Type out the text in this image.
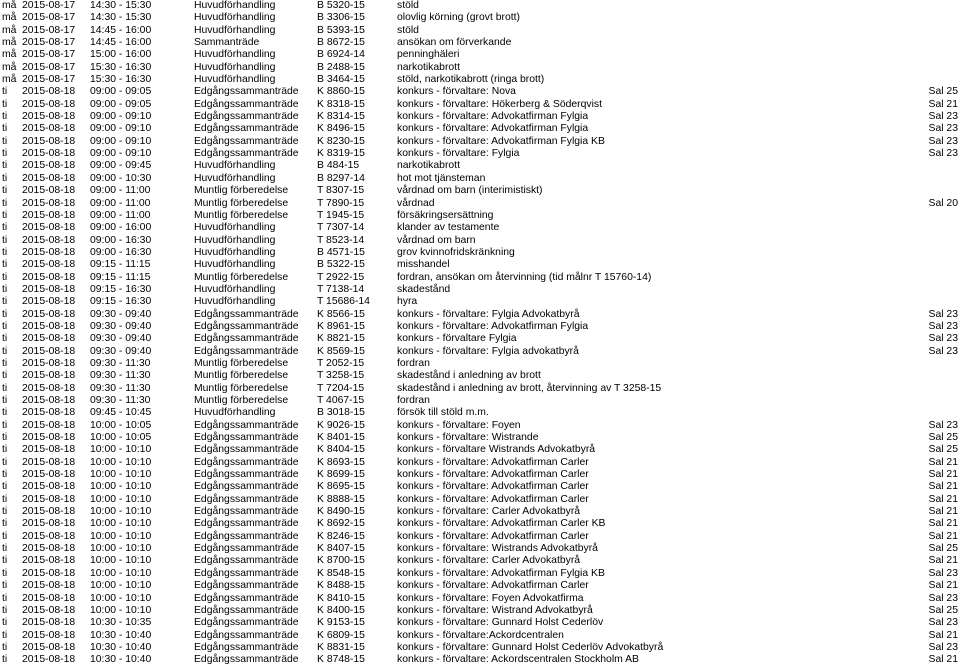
må 2015-08-17 14:30 - 15:30	Huvudförhandling	B 5320-15	stöld
må 2015-08-17 14:30 - 15:30	Huvudförhandling	B 3306-15	olovlig körning (grovt brott)
må 2015-08-17 14:45 - 16:00	Huvudförhandling	B 5393-15	stöld
må 2015-08-17 14:45 - 16:00	Sammanträde	B 8672-15	ansökan om förverkande
må 2015-08-17 15:00 - 16:00	Huvudförhandling	B 6924-14	penninghäleri
må 2015-08-17 15:30 - 16:30	Huvudförhandling	B 2488-15	narkotikabrott
må 2015-08-17 15:30 - 16:30	Huvudförhandling	B 3464-15	stöld, narkotikabrott (ringa brott)
ti 2015-08-18 09:00 - 09:05	Edgångssammanträde K 8860-15	konkurs - förvaltare: Nova	Sal 25
ti 2015-08-18 09:00 - 09:05	Edgångssammanträde K 8318-15	konkurs - förvaltare: Hökerberg & Söderqvist	Sal 21
ti 2015-08-18 09:00 - 09:10	Edgångssammanträde K 8314-15	konkurs - förvaltare: Advokatfirman Fylgia	Sal 23
ti 2015-08-18 09:00 - 09:10	Edgångssammanträde K 8496-15	konkurs - förvaltare: Advokatfirman Fylgia	Sal 23
ti 2015-08-18 09:00 - 09:10	Edgångssammanträde K 8230-15	konkurs - förvaltare: Advokatfirman Fylgia KB	Sal 23
ti 2015-08-18 09:00 - 09:10	Edgångssammanträde K 8319-15	konkurs - förvaltare: Fylgia	Sal 23
ti 2015-08-18 09:00 - 09:45	Huvudförhandling	B 484-15	narkotikabrott
ti 2015-08-18 09:00 - 10:30	Huvudförhandling	B 8297-14	hot mot tjänsteman
ti 2015-08-18 09:00 - 11:00	Muntlig förberedelse	T 8307-15	vårdnad om barn (interimistiskt)
ti 2015-08-18 09:00 - 11:00	Muntlig förberedelse	T 7890-15	vårdnad	Sal 20
ti 2015-08-18 09:00 - 11:00	Muntlig förberedelse	T 1945-15	försäkringsersättning
ti 2015-08-18 09:00 - 16:00	Huvudförhandling	T 7307-14	klander av testamente
ti 2015-08-18 09:00 - 16:30	Huvudförhandling	T 8523-14	vårdnad om barn
ti 2015-08-18 09:00 - 16:30	Huvudförhandling	B 4571-15	grov kvinnofridskränkning
ti 2015-08-18 09:15 - 11:15	Huvudförhandling	B 5322-15	misshandel
ti 2015-08-18 09:15 - 11:15	Muntlig förberedelse	T 2922-15	fordran, ansökan om återvinning (tid målnr T 15760-14)
ti 2015-08-18 09:15 - 16:30	Huvudförhandling	T 7138-14	skadestånd
ti 2015-08-18 09:15 - 16:30	Huvudförhandling	T 15686-14	hyra
ti 2015-08-18 09:30 - 09:40	Edgångssammanträde K 8566-15	konkurs - förvaltare: Fylgia Advokatbyrå	Sal 23
ti 2015-08-18 09:30 - 09:40	Edgångssammanträde K 8961-15	konkurs - förvaltare: Advokatfirman Fylgia	Sal 23
ti 2015-08-18 09:30 - 09:40	Edgångssammanträde K 8821-15	konkurs - förvaltare Fylgia	Sal 23
ti 2015-08-18 09:30 - 09:40	Edgångssammanträde K 8569-15	konkurs - förvaltare: Fylgia advokatbyrå	Sal 23
ti 2015-08-18 09:30 - 11:30	Muntlig förberedelse	T 2052-15	fordran
ti 2015-08-18 09:30 - 11:30	Muntlig förberedelse	T 3258-15	skadestånd i anledning av brott
ti 2015-08-18 09:30 - 11:30	Muntlig förberedelse	T 7204-15	skadestånd i anledning av brott, återvinning av T 3258-15
ti 2015-08-18 09:30 - 11:30	Muntlig förberedelse	T 4067-15	fordran
ti 2015-08-18 09:45 - 10:45	Huvudförhandling	B 3018-15	försök till stöld m.m.
ti 2015-08-18 10:00 - 10:05	Edgångssammanträde K 9026-15	konkurs - förvaltare: Foyen	Sal 23
ti 2015-08-18 10:00 - 10:05	Edgångssammanträde K 8401-15	konkurs - förvaltare: Wistrande	Sal 25
ti 2015-08-18 10:00 - 10:10	Edgångssammanträde K 8404-15	konkurs - förvaltare Wistrands Advokatbyrå	Sal 25
ti 2015-08-18 10:00 - 10:10	Edgångssammanträde K 8693-15	konkurs - förvaltare: Advokatfirman Carler	Sal 21
ti 2015-08-18 10:00 - 10:10	Edgångssammanträde K 8699-15	konkurs - förvaltare: Advokatfirman Carler	Sal 21
ti 2015-08-18 10:00 - 10:10	Edgångssammanträde K 8695-15	konkurs - förvaltare: Advokatfirman Carler	Sal 21
ti 2015-08-18 10:00 - 10:10	Edgångssammanträde K 8888-15	konkurs - förvaltare: Advokatfirman Carler	Sal 21
ti 2015-08-18 10:00 - 10:10	Edgångssammanträde K 8490-15	konkurs - förvaltare: Carler Advokatbyrå	Sal 21
ti 2015-08-18 10:00 - 10:10	Edgångssammanträde K 8692-15	konkurs - förvaltare: Advokatfirman Carler KB	Sal 21
ti 2015-08-18 10:00 - 10:10	Edgångssammanträde K 8246-15	konkurs - förvaltare: Advokatfirman Carler	Sal 21
ti 2015-08-18 10:00 - 10:10	Edgångssammanträde K 8407-15	konkurs - förvaltare: Wistrands Advokatbyrå	Sal 25
ti 2015-08-18 10:00 - 10:10	Edgångssammanträde K 8700-15	konkurs - förvaltare: Carler Advokatbyrå	Sal 21
ti 2015-08-18 10:00 - 10:10	Edgångssammanträde K 8548-15	konkurs - förvaltare: Advokatfirman Fylgia KB	Sal 23
ti 2015-08-18 10:00 - 10:10	Edgångssammanträde K 8488-15	konkurs - förvaltare: Advokatfirman Carler	Sal 21
ti 2015-08-18 10:00 - 10:10	Edgångssammanträde K 8410-15	konkurs - förvaltare: Foyen Advokatfirma	Sal 23
ti 2015-08-18 10:00 - 10:10	Edgångssammanträde K 8400-15	konkurs - förvaltare: Wistrand Advokatbyrå	Sal 25
ti 2015-08-18 10:30 - 10:35	Edgångssammanträde K 9153-15	konkurs - förvaltare: Gunnard Holst Cederlöv	Sal 23
ti 2015-08-18 10:30 - 10:40	Edgångssammanträde K 6809-15	konkurs - förvaltare:Ackordcentralen	Sal 21
ti 2015-08-18 10:30 - 10:40	Edgångssammanträde K 8831-15	konkurs - förvaltare: Gunnard Holst Cederlöv Advokatbyrå	Sal 23
ti 2015-08-18 10:30 - 10:40	Edgångssammanträde K 8748-15	konkurs - förvaltare: Ackordscentralen Stockholm AB	Sal 21
